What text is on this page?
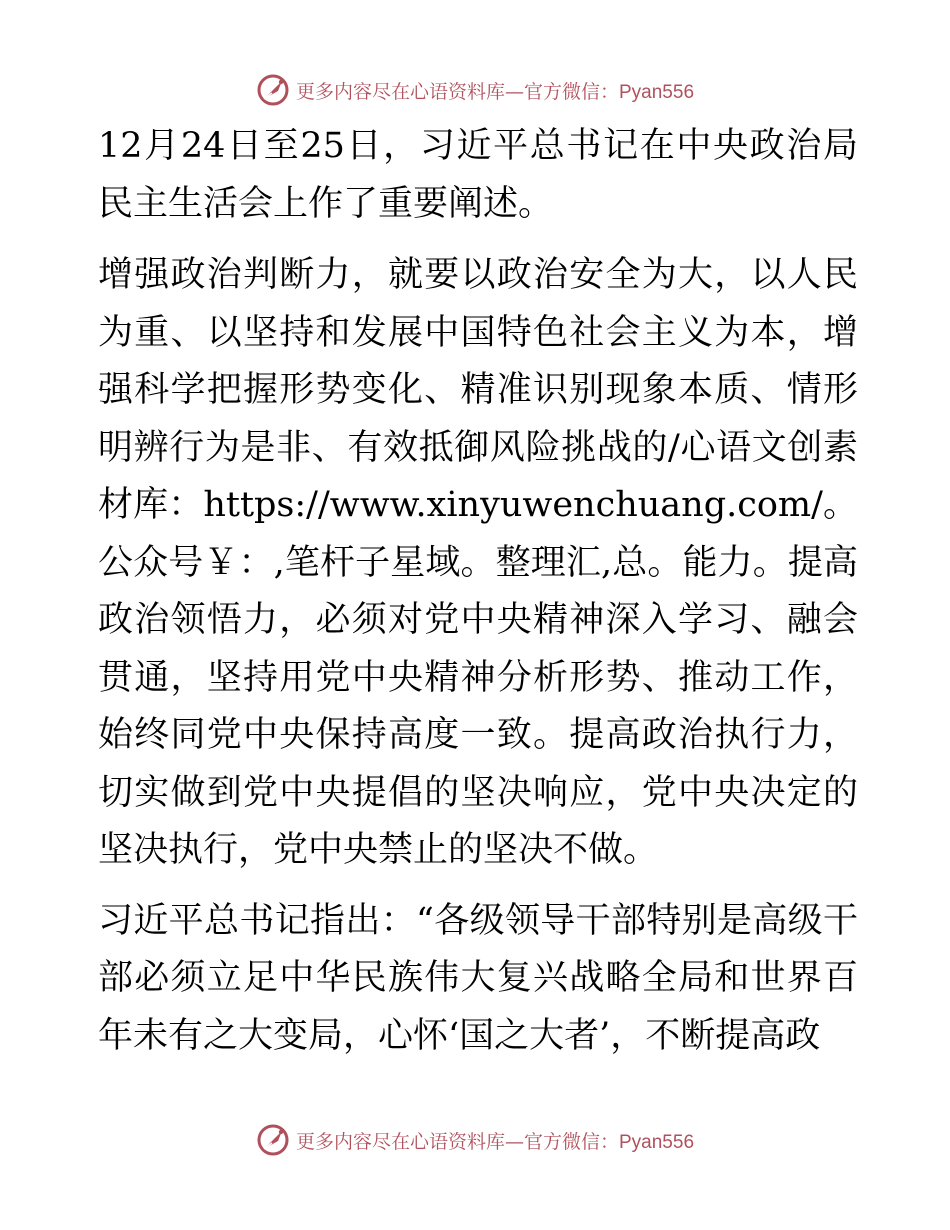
更多内容尽在心语资料库—官方微信：Pyan556

12月24日至25日，习近平总书记在中央政治局民主生活会上作了重要阐述。

增强政治判断力，就要以政治安全为大，以人民为重、以坚持和发展中国特色社会主义为本，增强科学把握形势变化、精准识别现象本质、情形明辨行为是非、有效抵御风险挑战的/心语文创素材库：https://www.xinyuwenchuang.com/。公众号￥：,笔杆子星域。整理汇,总。能力。提高政治领悟力，必须对党中央精神深入学习、融会贯通，坚持用党中央精神分析形势、推动工作，始终同党中央保持高度一致。提高政治执行力，切实做到党中央提倡的坚决响应，党中央决定的坚决执行，党中央禁止的坚决不做。

习近平总书记指出：“各级领导干部特别是高级干部必须立足中华民族伟大复兴战略全局和世界百年未有之大变局，心怀‘国之大者’，不断提高政

更多内容尽在心语资料库—官方微信：Pyan556
